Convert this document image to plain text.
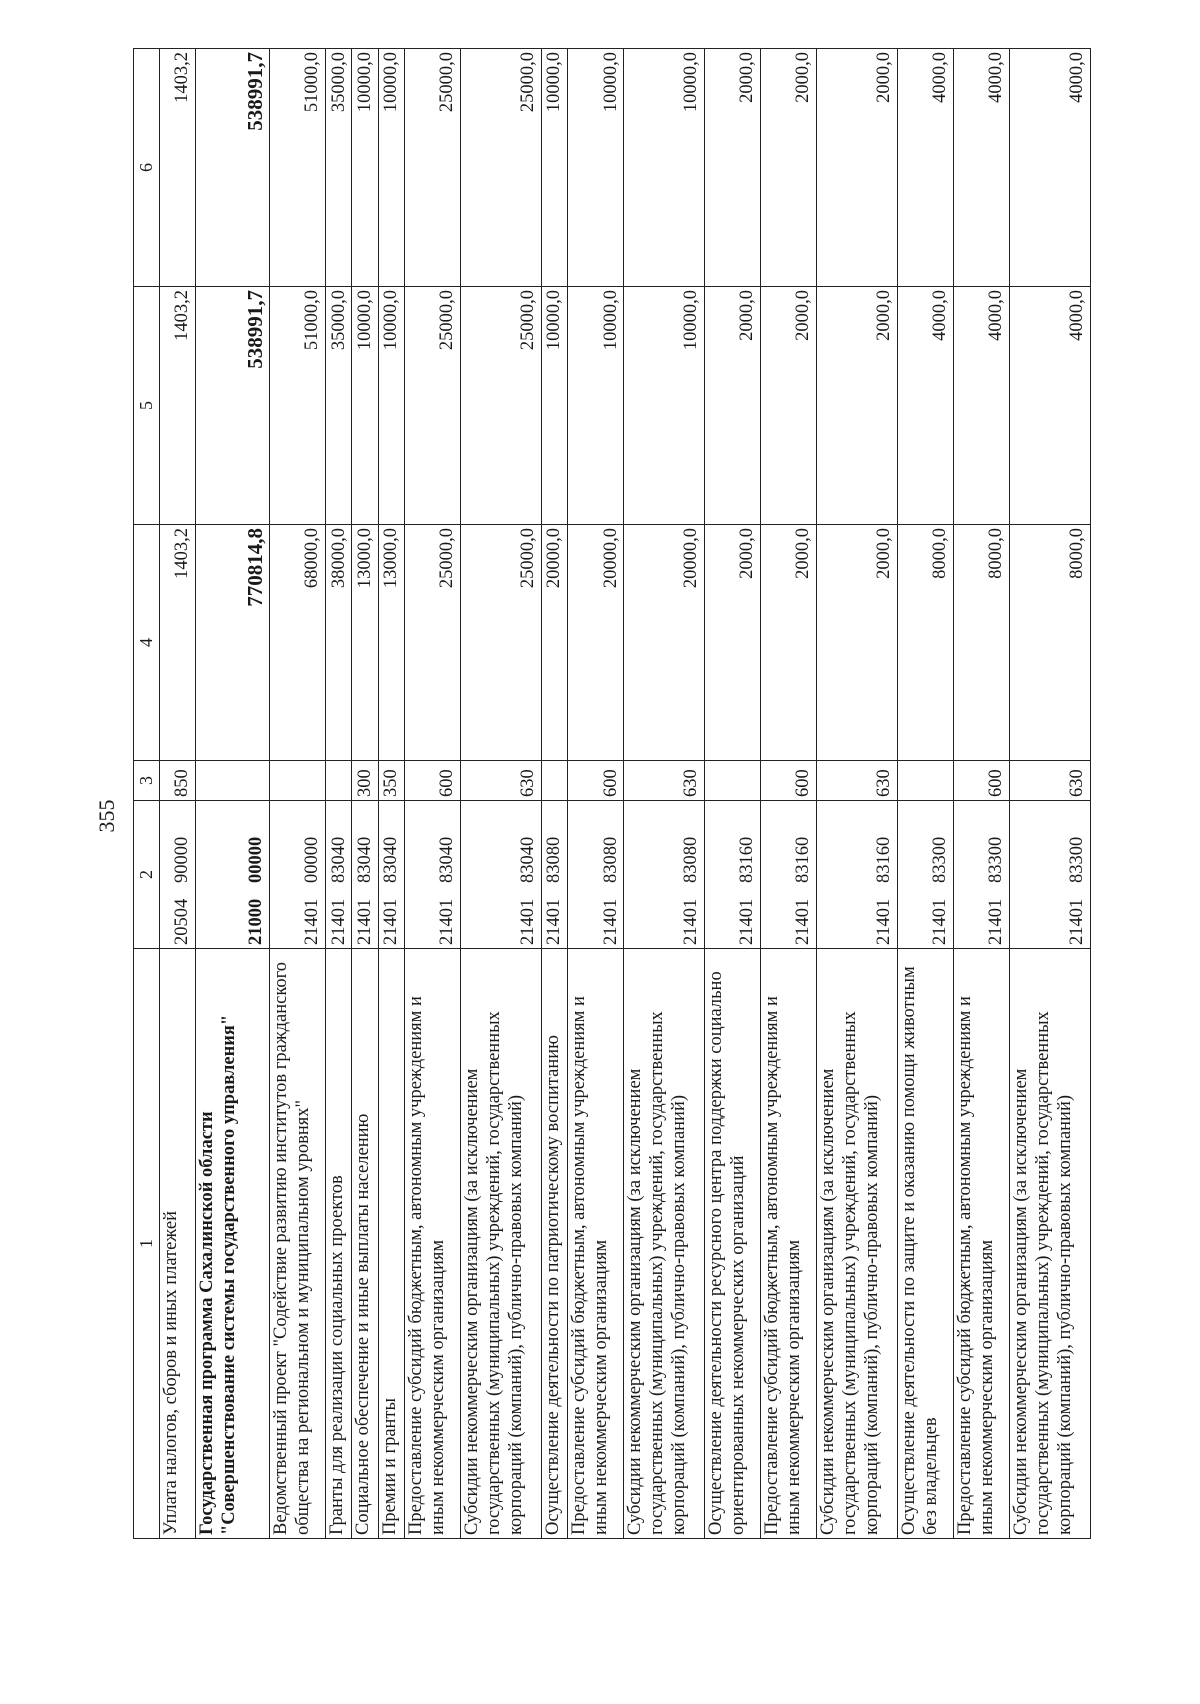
355
1	2	3	4	5	6
Уплата налогов, сборов и иных платежей	2050490000	850	1403,2	1403,2	1403,2
Государственная программа Сахалинской области "Совершенствование системы государственного управления"	2100000000		770814,8	538991,7	538991,7
Ведомственный проект "Содействие развитию институтов гражданского общества на региональном и муниципальном уровнях"	2140100000		68000,0	51000,0	51000,0
Гранты для реализации социальных проектов	2140183040		38000,0	35000,0	35000,0
Социальное обеспечение и иные выплаты населению	2140183040	300	13000,0	10000,0	10000,0
Премии и гранты	2140183040	350	13000,0	10000,0	10000,0
Предоставление субсидий бюджетным, автономным учреждениям и иным некоммерческим организациям	2140183040	600	25000,0	25000,0	25000,0
Субсидии некоммерческим организациям (за исключением государственных (муниципальных) учреждений, государственных корпораций (компаний), публично-правовых компаний)	2140183040	630	25000,0	25000,0	25000,0
Осуществление деятельности по патриотическому воспитанию	2140183080		20000,0	10000,0	10000,0
Предоставление субсидий бюджетным, автономным учреждениям и иным некоммерческим организациям	2140183080	600	20000,0	10000,0	10000,0
Субсидии некоммерческим организациям (за исключением государственных (муниципальных) учреждений, государственных корпораций (компаний), публично-правовых компаний)	2140183080	630	20000,0	10000,0	10000,0
Осуществление деятельности ресурсного центра поддержки социально ориентированных некоммерческих организаций	2140183160		2000,0	2000,0	2000,0
Предоставление субсидий бюджетным, автономным учреждениям и иным некоммерческим организациям	2140183160	600	2000,0	2000,0	2000,0
Субсидии некоммерческим организациям (за исключением государственных (муниципальных) учреждений, государственных корпораций (компаний), публично-правовых компаний)	2140183160	630	2000,0	2000,0	2000,0
Осуществление деятельности по защите и оказанию помощи животным без владельцев	2140183300		8000,0	4000,0	4000,0
Предоставление субсидий бюджетным, автономным учреждениям и иным некоммерческим организациям	2140183300	600	8000,0	4000,0	4000,0
Субсидии некоммерческим организациям (за исключением государственных (муниципальных) учреждений, государственных корпораций (компаний), публично-правовых компаний)	2140183300	630	8000,0	4000,0	4000,0
